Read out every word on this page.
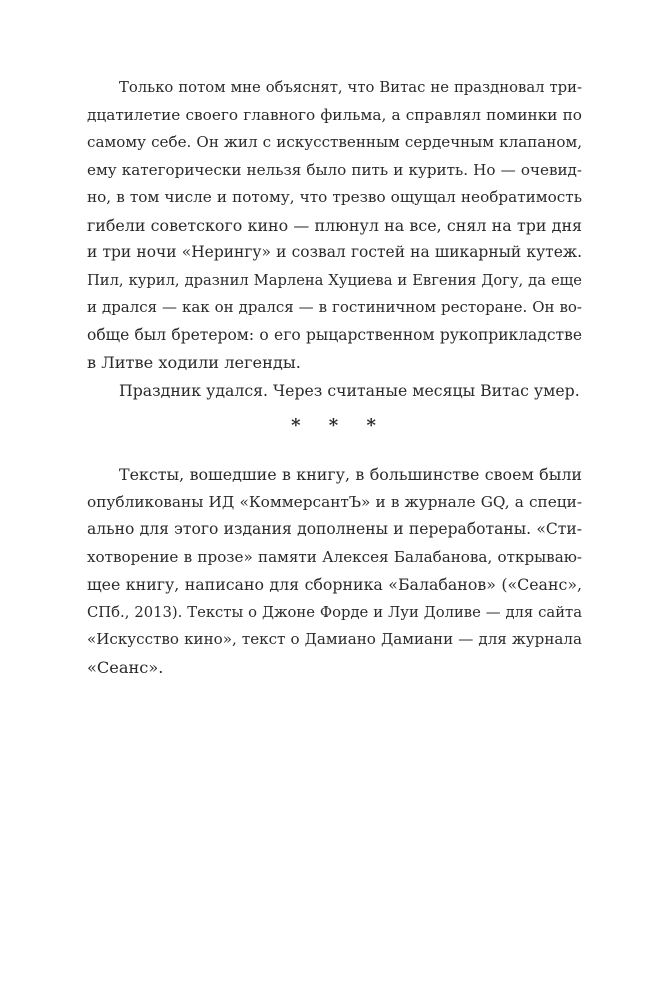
Только потом мне объяснят, что Витас не праздновал три-
дцатилетие своего главного фильма, а справлял поминки по
самому себе. Он жил с искусственным сердечным клапаном,
ему категорически нельзя было пить и курить. Но — очевид-
но, в том числе и потому, что трезво ощущал необратимость
гибели советского кино — плюнул на все, снял на три дня
и три ночи «Нерингу» и созвал гостей на шикарный кутеж.
Пил, курил, дразнил Марлена Хуциева и Евгения Догу, да еще
и дрался — как он дрался — в гостиничном ресторане. Он во-
обще был бретером: о его рыцарственном рукоприкладстве
в Литве ходили легенды.
Праздник удался. Через считаные месяцы Витас умер.
* * *
Тексты, вошедшие в книгу, в большинстве своем были
опубликованы ИД «КоммерсантЪ» и в журнале GQ, а специ-
ально для этого издания дополнены и переработаны. «Сти-
хотворение в прозе» памяти Алексея Балабанова, открываю-
щее книгу, написано для сборника «Балабанов» («Сеанс»,
СПб., 2013). Тексты о Джоне Форде и Луи Доливе — для сайта
«Искусство кино», текст о Дамиано Дамиани — для журнала
«Сеанс».
